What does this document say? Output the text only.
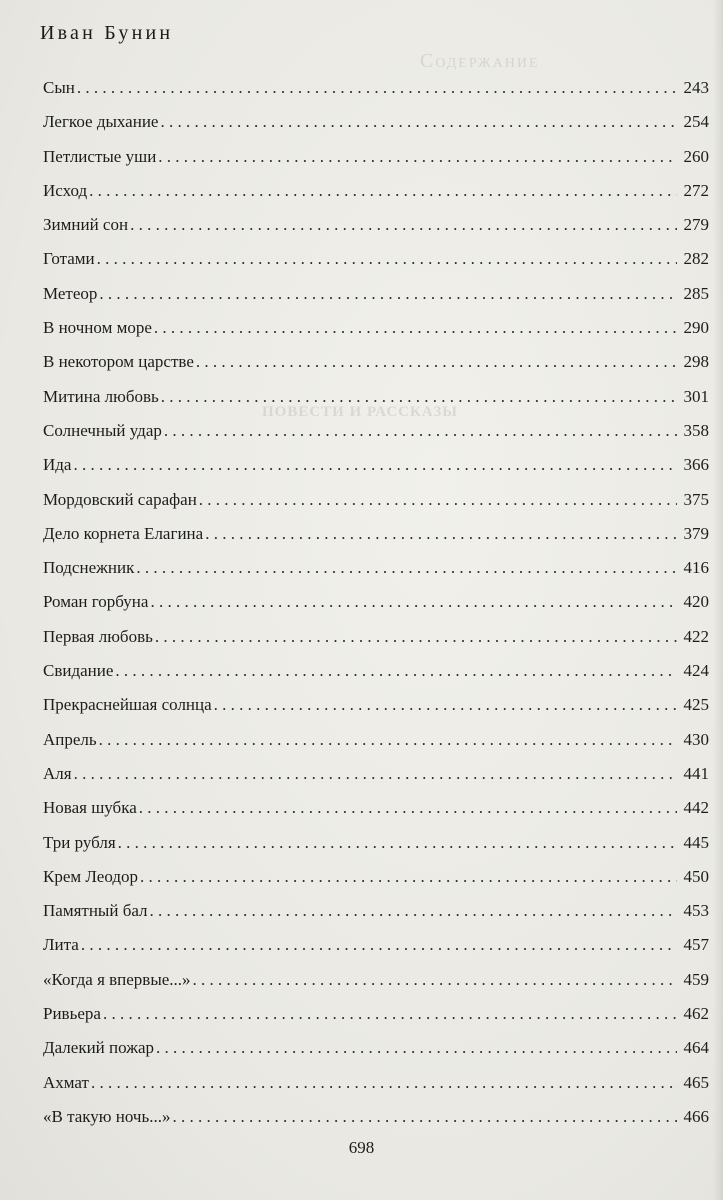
Содержание
ПОВЕСТИ И РАССКАЗЫ
Иван Бунин
Сын . . .	243
Легкое дыхание . . .	254
Петлистые уши . . .	260
Исход . . .	272
Зимний сон . . .	279
Готами . . .	282
Метеор . . .	285
В ночном море . . .	290
В некотором царстве . . .	298
Митина любовь . . .	301
Солнечный удар . . .	358
Ида . . .	366
Мордовский сарафан . . .	375
Дело корнета Елагина . . .	379
Подснежник . . .	416
Роман горбуна . . .	420
Первая любовь . . .	422
Свидание . . .	424
Прекраснейшая солнца . . .	425
Апрель . . .	430
Аля . . .	441
Новая шубка . . .	442
Три рубля . . .	445
Крем Леодор . . .	450
Памятный бал . . .	453
Лита . . .	457
«Когда я впервые...» . . .	459
Ривьера . . .	462
Далекий пожар . . .	464
Ахмат . . .	465
«В такую ночь...» . . .	466
698
